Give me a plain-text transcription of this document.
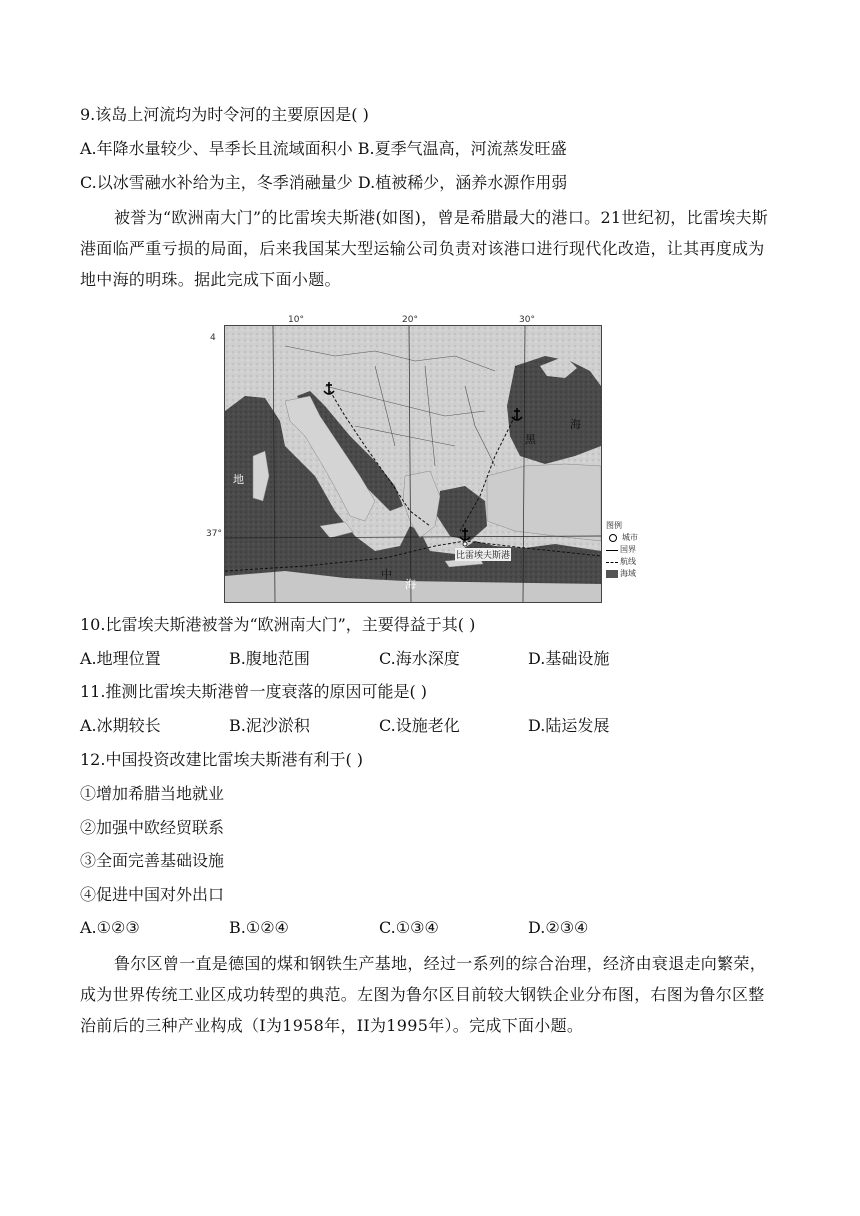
9.该岛上河流均为时令河的主要原因是( )
A.年降水量较少、旱季长且流域面积小 B.夏季气温高，河流蒸发旺盛
C.以冰雪融水补给为主，冬季消融量少 D.植被稀少，涵养水源作用弱
被誉为“欧洲南大门”的比雷埃夫斯港(如图)，曾是希腊最大的港口。21世纪初，比雷埃夫斯港面临严重亏损的局面，后来我国某大型运输公司负责对该港口进行现代化改造，让其再度成为地中海的明珠。据此完成下面小题。
10°	20°	30°
4
37°
地
中
海
黑
海
比雷埃夫斯港
图例
城市
国界
航线
海域
10.比雷埃夫斯港被誉为“欧洲南大门”，主要得益于其( )
A.地理位置	B.腹地范围	C.海水深度	D.基础设施
11.推测比雷埃夫斯港曾一度衰落的原因可能是( )
A.冰期较长	B.泥沙淤积	C.设施老化	D.陆运发展
12.中国投资改建比雷埃夫斯港有利于( )
①增加希腊当地就业
②加强中欧经贸联系
③全面完善基础设施
④促进中国对外出口
A.①②③	B.①②④	C.①③④	D.②③④
鲁尔区曾一直是德国的煤和钢铁生产基地，经过一系列的综合治理，经济由衰退走向繁荣，成为世界传统工业区成功转型的典范。左图为鲁尔区目前较大钢铁企业分布图，右图为鲁尔区整治前后的三种产业构成（I为1958年，II为1995年）。完成下面小题。
